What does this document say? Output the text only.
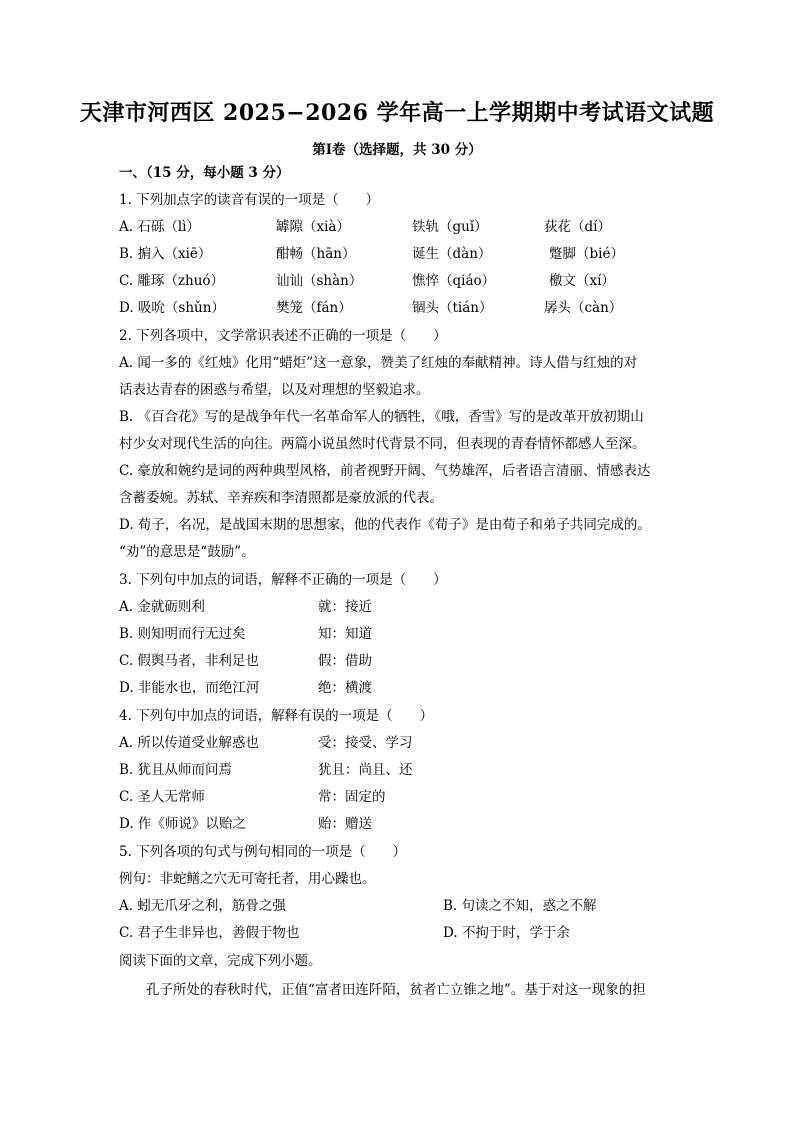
天津市河西区 2025−2026 学年高一上学期期中考试语文试题
第Ⅰ卷（选择题，共 30 分）
一、（15 分，每小题 3 分）
1. 下列加点字的读音有误的一项是（　　）
A. 石砾（lì）	罅隙（xià）	铁轨（guǐ）	荻花（dí）
B. 掮入（xiē）	酣畅（hān）	诞生（dàn）	蹩脚（bié）
C. 雕琢（zhuó）	讪讪（shàn）	憔悴（qiáo）	檄文（xí）
D. 吸吮（shǔn）	樊笼（fán）	锢头（tián）	孱头（càn）
2. 下列各项中，文学常识表述不正确的一项是（　　）
A. 闻一多的《红烛》化用“蜡炬”这一意象，赞美了红烛的奉献精神。诗人借与红烛的对
话表达青春的困惑与希望，以及对理想的坚毅追求。
B. 《百合花》写的是战争年代一名革命军人的牺牲，《哦，香雪》写的是改革开放初期山
村少女对现代生活的向往。两篇小说虽然时代背景不同，但表现的青春情怀都感人至深。
C. 豪放和婉约是词的两种典型风格，前者视野开阔、气势雄浑，后者语言清丽、情感表达
含蓄委婉。苏轼、辛弃疾和李清照都是豪放派的代表。
D. 荀子，名况，是战国末期的思想家，他的代表作《荀子》是由荀子和弟子共同完成的。
“劝”的意思是“鼓励”。
3. 下列句中加点的词语，解释不正确的一项是（　　）
A. 金就砺则利	就：接近
B. 则知明而行无过矣	知：知道
C. 假舆马者，非利足也	假：借助
D. 非能水也，而绝江河	绝：横渡
4. 下列句中加点的词语，解释有误的一项是（　　）
A. 所以传道受业解惑也	受：接受、学习
B. 犹且从师而问焉	犹且：尚且、还
C. 圣人无常师	常：固定的
D. 作《师说》以贻之	贻：赠送
5. 下列各项的句式与例句相同的一项是（　　）
例句：非蛇鳝之穴无可寄托者，用心躁也。
A. 蚓无爪牙之利，筋骨之强	B. 句读之不知，惑之不解
C. 君子生非异也，善假于物也	D. 不拘于时，学于余
阅读下面的文章，完成下列小题。
孔子所处的春秋时代，正值“富者田连阡陌，贫者亡立锥之地”。基于对这一现象的担
